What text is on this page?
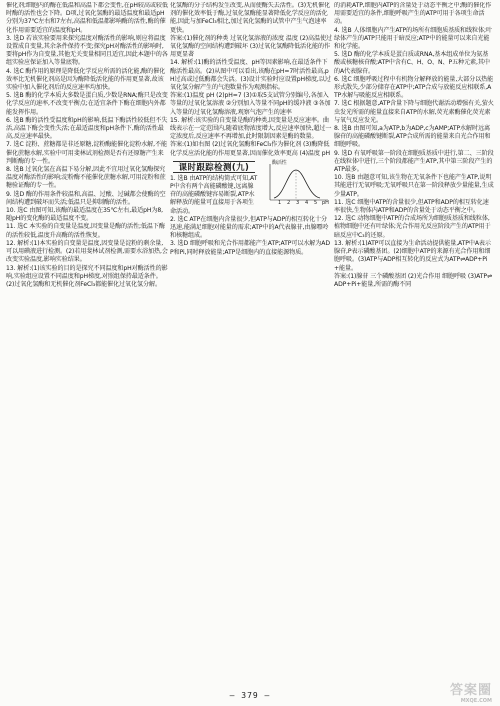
催化剂;细胞内的酶在低温和高温下都会变性,在pH较高或较低时酶的活性也会下降。D项,过氧化氢酶的最适温度和最适pH分别为37℃左右和7左右,高温和低温都影响酶的活性,酶的催化作用需要适宜的温度和pH。

3. 选D 若该实验要用来探究温度对酶活性的影响,则应将温度设置成自变量,其余条件保持不变;探究pH对酶活性的影响时,要将pH作为自变量,其他无关变量相同且适宜,因此本题中的各组实验应保证加入等量底物。

4. 选C 酶作用的原理是降低化学反应所需的活化能,酶的催化效率比无机催化剂高是因为酶降低活化能的作用更显著,故该实验中加入催化剂后的反应速率均加快。

5. 选B 酶的化学本质大多数是蛋白质,少数是RNA;酶只是改变化学反应的速率,不改变平衡点;在适宜条件下酶在细胞内外都能发挥作用。

6. 选B 酶的活性受温度和pH的影响,低温下酶活性较低但不失活,高温下酶会变性失活;在最适温度和pH条件下,酶的活性最高,反应速率最快。

7. 选C 淀粉、蔗糖都是非还原糖,淀粉酶能催化淀粉水解,不能催化蔗糖水解,实验中可用斐林试剂检测是否有还原糖产生来判断酶的专一性。

8. 选B 过氧化氢在高温下易分解,因此不宜用过氧化氢酶探究温度对酶活性的影响;淀粉酶不能催化蔗糖水解,可用淀粉和蔗糖验证酶的专一性。

9. 选D 酶的作用条件较温和,高温、过酸、过碱都会使酶的空间结构遭到破坏而失活;低温只是抑制酶的活性。

10. 选C 由图可知,该酶的最适温度在35℃左右,最适pH为8,随pH的变化酶的最适温度不变。

11. 选C 本实验的自变量是温度,因变量是酶的活性;低温下酶的活性较低,温度升高酶的活性恢复。

12. 解析:(1)本实验的自变量是温度,因变量是淀粉的剩余量,可以用碘液进行检测。(2)若用斐林试剂检测,需要水浴加热,会改变实验温度,影响实验结果。

13. 解析:(1)该实验的目的是探究不同温度和pH对酶活性的影响,实验组应设置不同温度和pH梯度,对照组保持最适条件。(2)过氧化氢酶和无机催化剂FeCl₃都能催化过氧化氢分解。

化氢酶的分子结构发生改变,从而使酶失去活性。(3)无机催化剂的催化效率低于酶,过氧化氢酶能显著降低化学反应的活化能,因此与加FeCl₃相比,加过氧化氢酶的试管中产生气泡速率更快。

答案:(1)催化剂的种类 过氧化氢溶液的浓度 温度 (2)高温使过氧化氢酶的空间结构遭到破坏 (3)过氧化氢酶降低活化能的作用更显著

14. 解析:(1)酶的活性受温度、pH等因素影响,在最适条件下酶活性最高。(2)从图中可以看出,该酶在pH=7时活性最高,pH过高或过低酶都会失活。(3)设计实验时应设置pH梯度,以过氧化氢分解产生的气泡数量作为观测指标。

答案:(1)温度 pH (2)pH=7 (3)①取5支试管分别编号,各加入等量的过氧化氢溶液 ②分别加入等量不同pH的缓冲液 ③各加入等量的过氧化氢酶溶液,观察气泡产生的速率

15. 解析:该实验的自变量是酶的种类,因变量是反应速率。曲线表示在一定范围内,随着底物浓度增大,反应速率加快,超过一定浓度后,反应速率不再增加,此时限制因素是酶的数量。

答案:(1)如右图 (2)过氧化氢酶和FeCl₃作为催化剂 (3)酶降低化学反应活化能的作用更显著,因而催化效率更高 (4)温度 pH

酶活性
1 2 3 4 5 pH
课时跟踪检测(九)

1. 选B 由ATP的结构简式可知,ATP中含有两个高能磷酸键,远离腺苷的高能磷酸键容易断裂,ATP水解释放的能量可直接用于各项生命活动。

2. 选C ATP在细胞内含量很少,但ATP与ADP的相互转化十分迅速,能满足细胞对能量的需求;ATP中的A代表腺苷,由腺嘌呤和核糖组成。

3. 选D 细胞呼吸和光合作用都能产生ATP;ATP可以水解为ADP和Pi,同时释放能量;ATP是细胞内的直接能源物质。

的消耗ATP,细胞内ATP的含量处于动态平衡之中;酶的催化作用需要适宜的条件,细胞呼吸产生的ATP可用于各项生命活动。

4. 选B 人体细胞内产生ATP的场所有细胞质基质和线粒体;叶绿体产生的ATP只能用于暗反应;ATP中的能量可以来自光能和化学能。

5. 选D 酶的化学本质是蛋白质或RNA,基本组成单位为氨基酸或核糖核苷酸;ATP中含有C、H、O、N、P五种元素,其中的A代表腺苷。

6. 选C 细胞呼吸过程中有机物分解释放的能量,大部分以热能形式散失,少部分储存在ATP中;ATP合成与放能反应相联系,ATP水解与吸能反应相联系。

7. 选C 根据题意,ATP含量下降与细胞代谢活动增强有关,萤火虫发光所需的能量直接来自ATP的水解,荧光素酶催化荧光素与氧气反应发光。

8. 选B 由图可知,a为ATP,b为ADP,c为AMP;ATP水解时远离腺苷的高能磷酸键断裂,ATP合成所需的能量来自光合作用和细胞呼吸。

9. 选D 有氧呼吸第一阶段在细胞质基质中进行,第二、三阶段在线粒体中进行,三个阶段都能产生ATP,其中第三阶段产生的ATP最多。

10. 选B 由题意可知,该生物在无氧条件下也能产生ATP,说明其能进行无氧呼吸;无氧呼吸只在第一阶段释放少量能量,生成少量ATP。

11. 选C 细胞中ATP的含量很少,但ATP和ADP的相互转化速率很快,生物体内ATP和ADP的含量处于动态平衡之中。

12. 选C 动物细胞中ATP的合成场所为细胞质基质和线粒体,植物细胞中还有叶绿体;光合作用光反应阶段产生的ATP用于暗反应中C₃的还原。

13. 解析:(1)ATP可以直接为生命活动提供能量,ATP中A表示腺苷,P表示磷酸基团。(2)细胞中ATP的来源有光合作用和细胞呼吸。(3)ATP与ADP相互转化的反应式为ATP⇌ADP+Pi+能量。

答案:(1)腺苷 三个磷酸基团 (2)光合作用 细胞呼吸 (3)ATP⇌ADP+Pi+能量,所需的酶不同

— 379 —	答案圈
MXQE.COM
